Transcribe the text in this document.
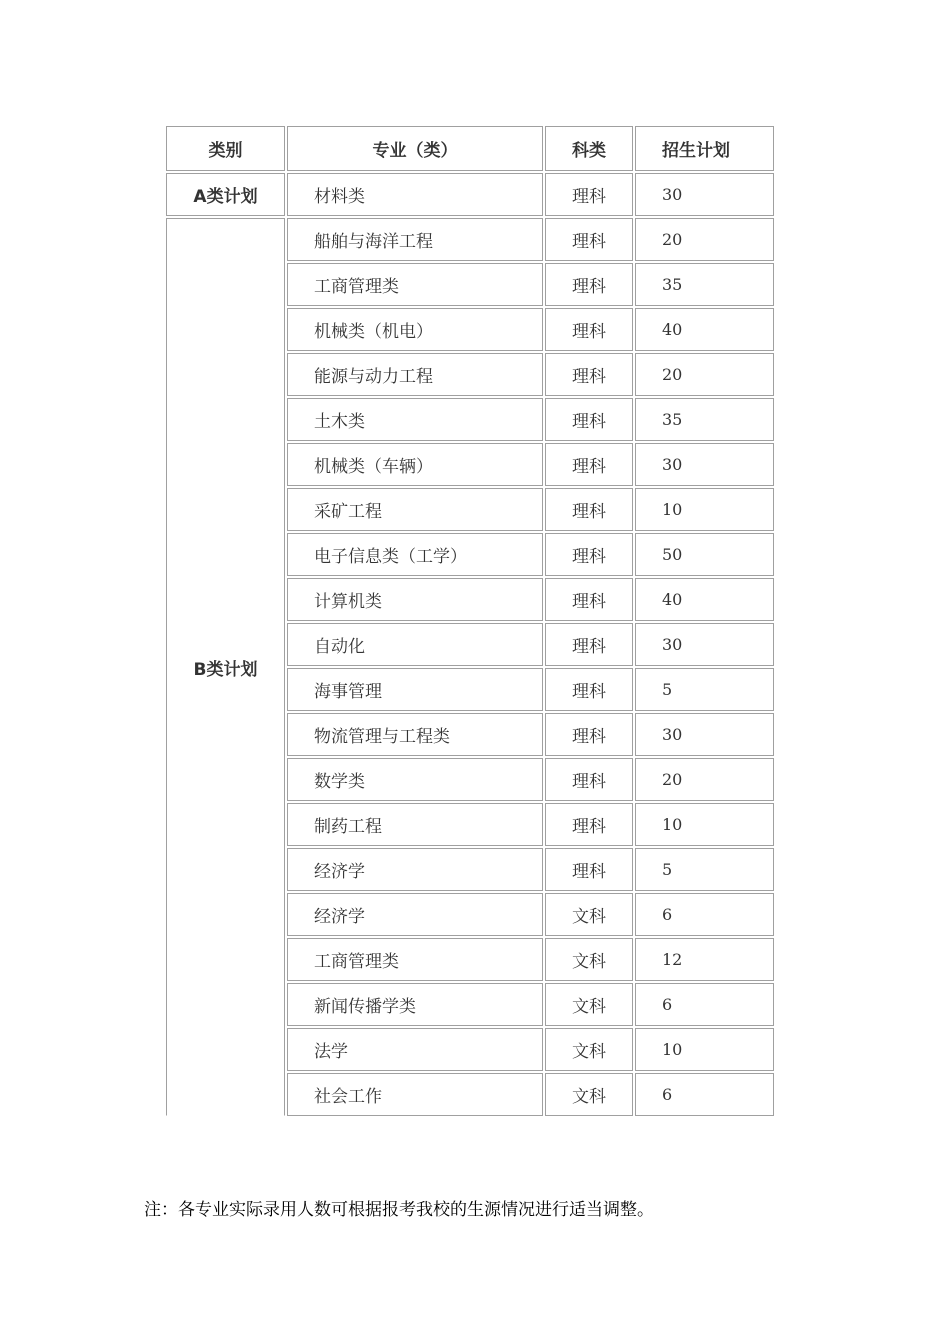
类别	专业（类）	科类	招生计划
A类计划	材料类	理科	30
B类计划	船舶与海洋工程	理科	20
	工商管理类	理科	35
	机械类（机电）	理科	40
	能源与动力工程	理科	20
	土木类	理科	35
	机械类（车辆）	理科	30
	采矿工程	理科	10
	电子信息类（工学）	理科	50
	计算机类	理科	40
	自动化	理科	30
	海事管理	理科	5
	物流管理与工程类	理科	30
	数学类	理科	20
	制药工程	理科	10
	经济学	理科	5
	经济学	文科	6
	工商管理类	文科	12
	新闻传播学类	文科	6
	法学	文科	10
	社会工作	文科	6
注：各专业实际录用人数可根据报考我校的生源情况进行适当调整。
